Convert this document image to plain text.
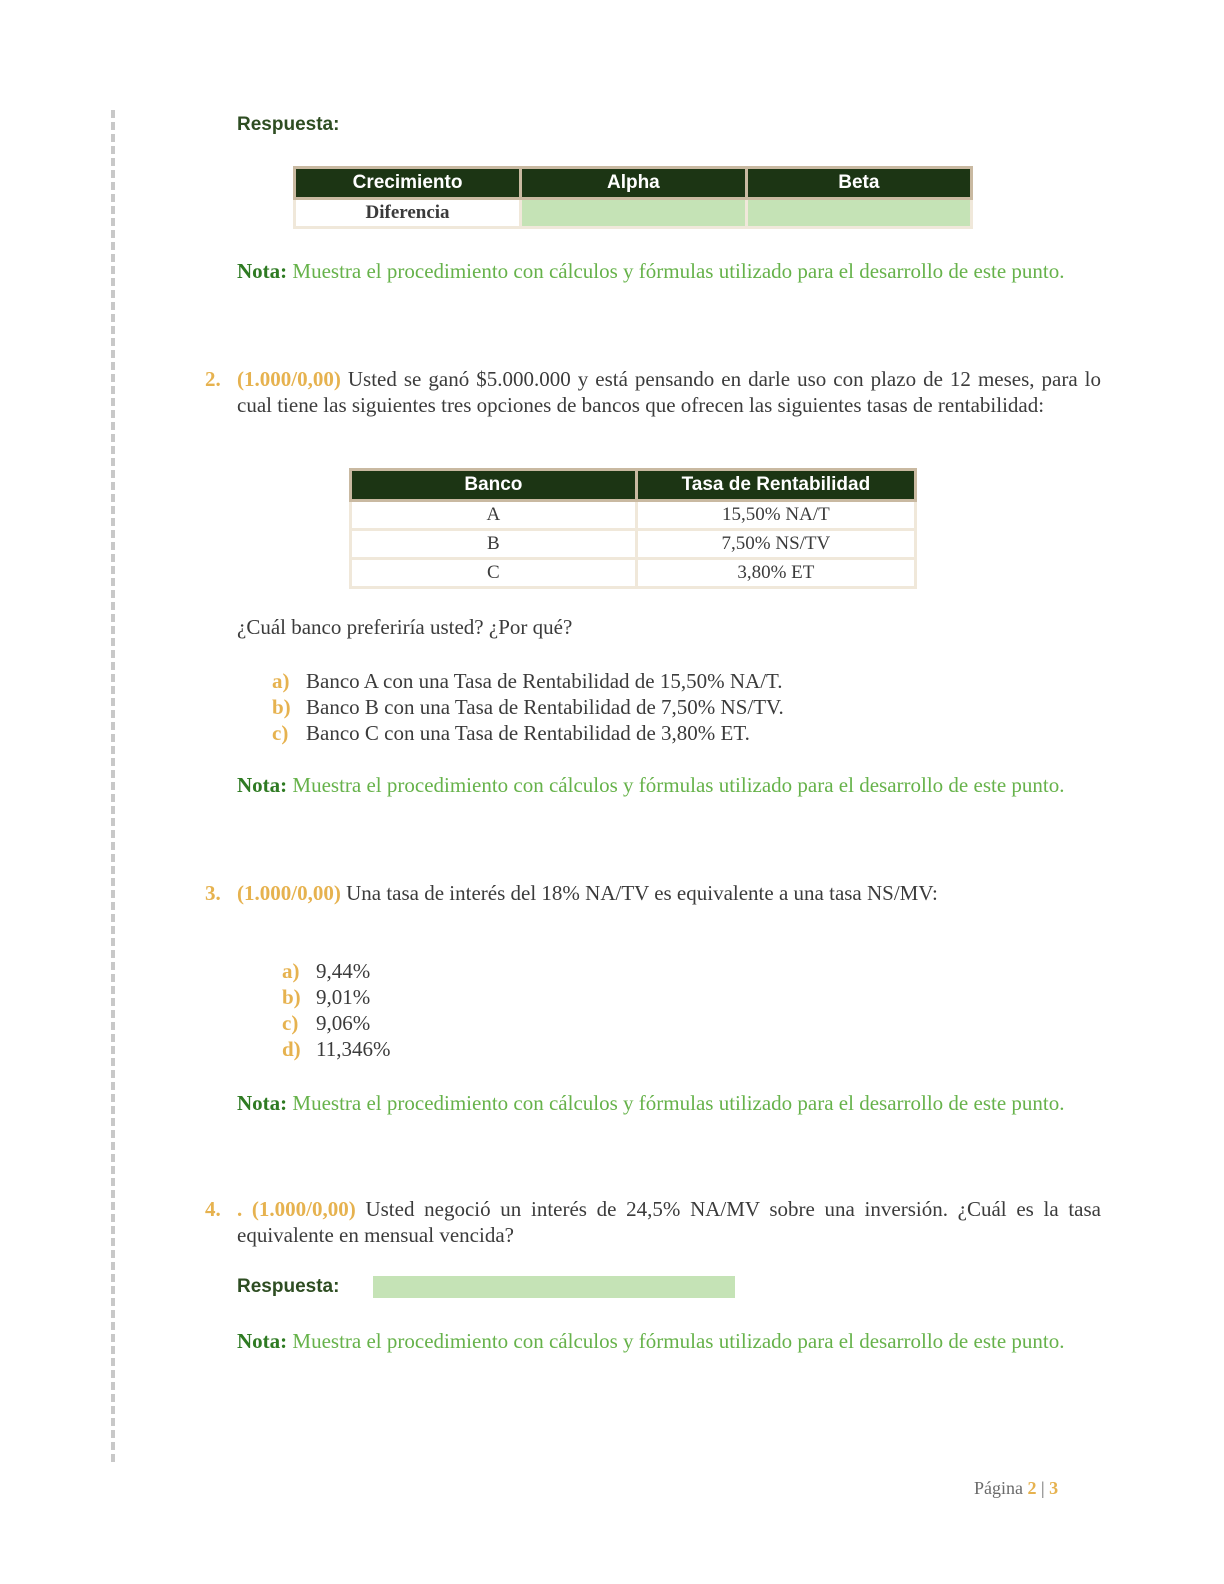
Respuesta:
Crecimiento	Alpha	Beta
Diferencia		
Nota: Muestra el procedimiento con cálculos y fórmulas utilizado para el desarrollo de este punto.
2. (1.000/0,00) Usted se ganó $5.000.000 y está pensando en darle uso con plazo de 12 meses, para lo cual tiene las siguientes tres opciones de bancos que ofrecen las siguientes tasas de rentabilidad:
Banco	Tasa de Rentabilidad
A	15,50% NA/T
B	7,50% NS/TV
C	3,80% ET
¿Cuál banco preferiría usted? ¿Por qué?

a) Banco A con una Tasa de Rentabilidad de 15,50% NA/T.

b) Banco B con una Tasa de Rentabilidad de 7,50% NS/TV.

c) Banco C con una Tasa de Rentabilidad de 3,80% ET.

Nota: Muestra el procedimiento con cálculos y fórmulas utilizado para el desarrollo de este punto.
3. (1.000/0,00) Una tasa de interés del 18% NA/TV es equivalente a una tasa NS/MV:

a) 9,44%

b) 9,01%

c) 9,06%

d) 11,346%

Nota: Muestra el procedimiento con cálculos y fórmulas utilizado para el desarrollo de este punto.
4. . (1.000/0,00) Usted negoció un interés de 24,5% NA/MV sobre una inversión. ¿Cuál es la tasa equivalente en mensual vencida?
Respuesta:
Nota: Muestra el procedimiento con cálculos y fórmulas utilizado para el desarrollo de este punto.
Página 2 | 3
